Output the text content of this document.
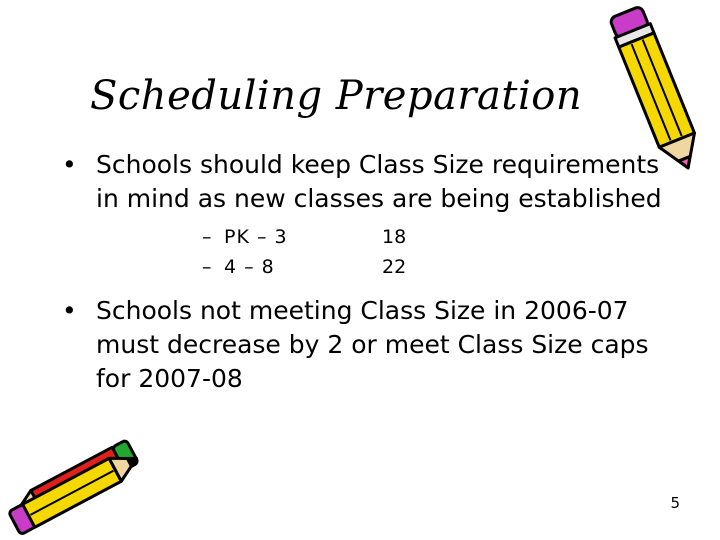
Scheduling Preparation
• Schools should keep Class Size requirements in mind as new classes are being established
– PK – 3	18
– 4 – 8	22
• Schools not meeting Class Size in 2006-07 must decrease by 2 or meet Class Size caps for 2007-08
5
